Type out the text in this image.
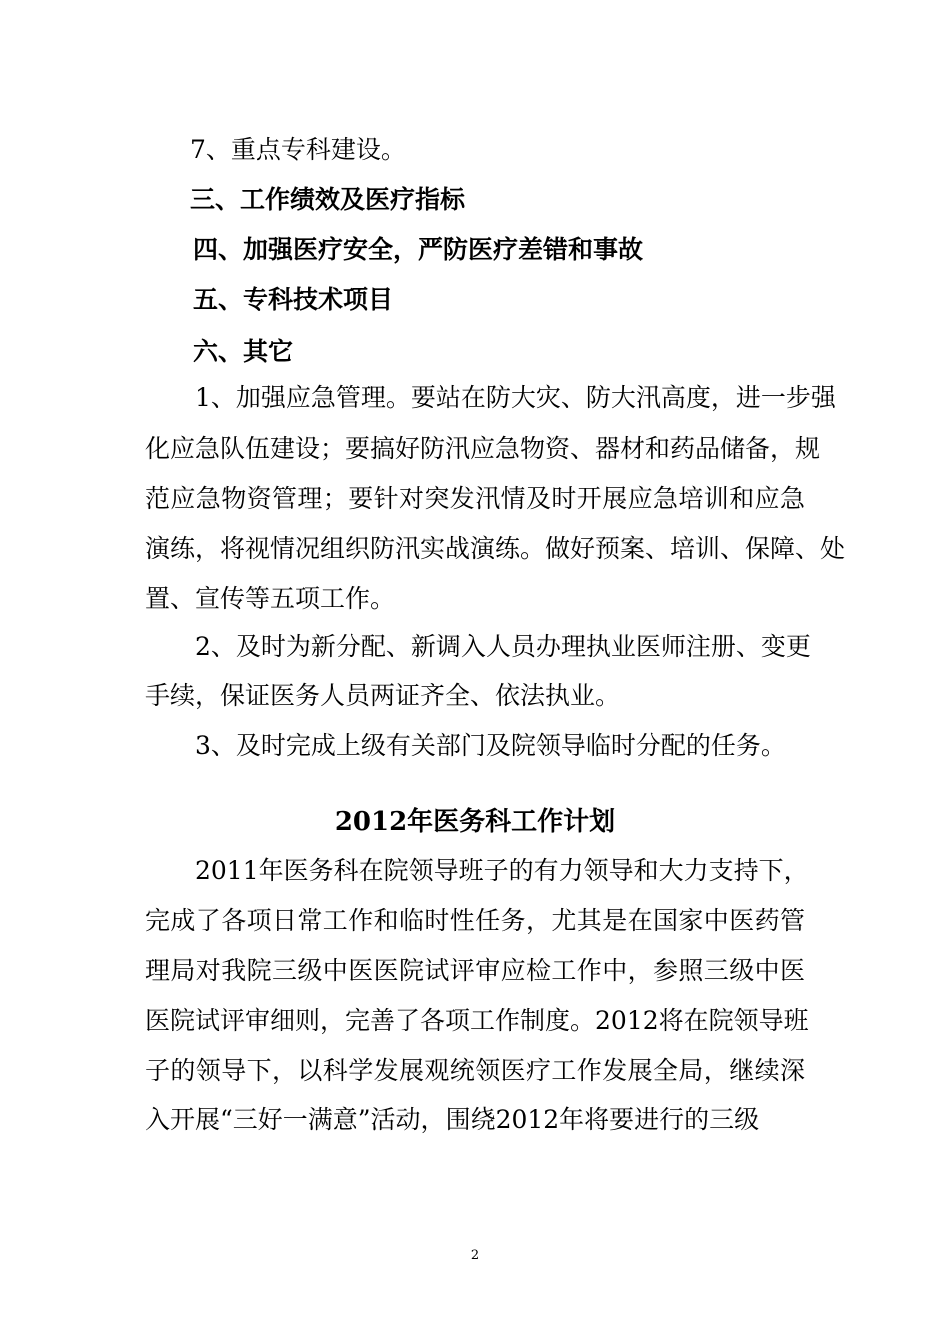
7、重点专科建设。
三、工作绩效及医疗指标
四、加强医疗安全，严防医疗差错和事故
五、专科技术项目
六、其它
1、加强应急管理。要站在防大灾、防大汛高度，进一步强
化应急队伍建设；要搞好防汛应急物资、器材和药品储备，规
范应急物资管理；要针对突发汛情及时开展应急培训和应急
演练，将视情况组织防汛实战演练。做好预案、培训、保障、处
置、宣传等五项工作。
2、及时为新分配、新调入人员办理执业医师注册、变更
手续，保证医务人员两证齐全、依法执业。
3、及时完成上级有关部门及院领导临时分配的任务。
2012年医务科工作计划
2011年医务科在院领导班子的有力领导和大力支持下，
完成了各项日常工作和临时性任务，尤其是在国家中医药管
理局对我院三级中医医院试评审应检工作中，参照三级中医
医院试评审细则，完善了各项工作制度。2012将在院领导班
子的领导下，以科学发展观统领医疗工作发展全局，继续深
入开展“三好一满意”活动，围绕2012年将要进行的三级
2
